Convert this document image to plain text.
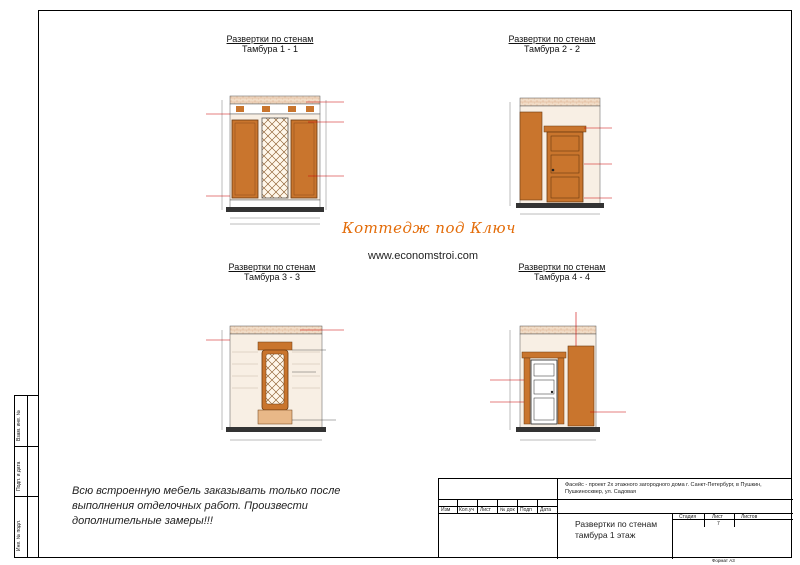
Взам. инв. №
Подп. и дата
Инв. № подл.
Развертки по стенам
Тамбура 1 - 1
Развертки по стенам
Тамбура 2 - 2
Развертки по стенам
Тамбура 3 - 3
Развертки по стенам
Тамбура 4 - 4
Коттедж под Ключ
www.economstroi.com
Всю встроенную мебель заказывать только после выполнения отделочных работ. Произвести дополнительные замеры!!!
Изм Кол.уч Лист № док Подп Дата
Фасейс - проект 2х этажного загородного дома г. Санкт-Петербург, в Пушкин, Пушкиносквер, ул. Садовая
Развертки по стенам тамбура 1 этаж
Стадия	Лист	Листов
7
Формат А3
